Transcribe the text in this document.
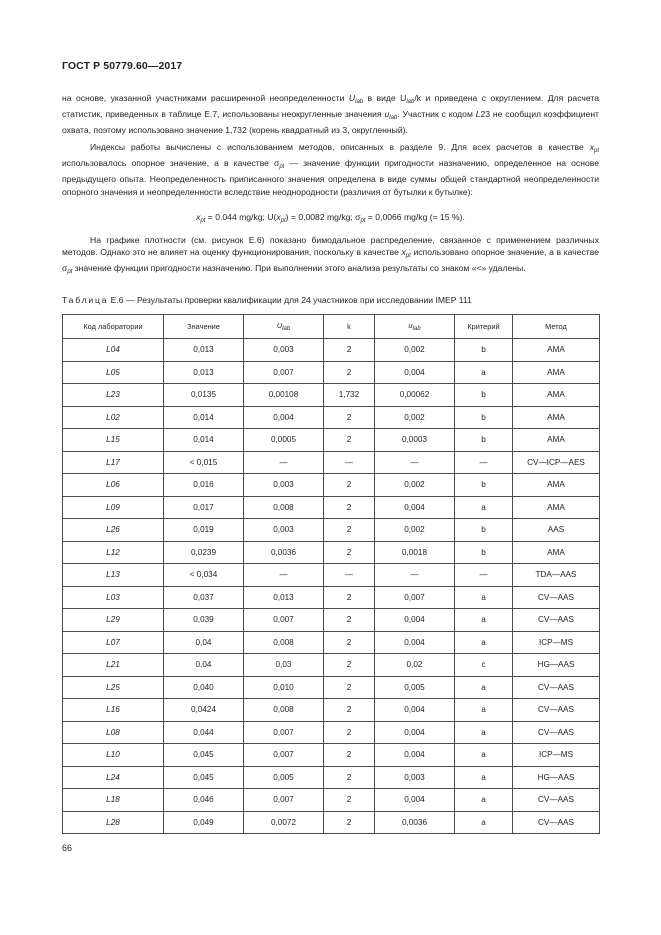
ГОСТ Р 50779.60—2017

на основе, указанной участниками расширенной неопределенности $U_{lab}$ в виде $U_{lab}/k$ и приведена с округлением. Для расчета статистик, приведенных в таблице E.7, использованы неокругленные значения $u_{lab}$. Участник с кодом L23 не сообщил коэффициент охвата, поэтому использовано значение 1,732 (корень квадратный из 3, округленный).

Индексы работы вычислены с использованием методов, описанных в разделе 9. Для всех расчетов в качестве $x_{pt}$ использовалось опорное значение, а в качестве $\sigma_{pt}$ — значение функции пригодности назначению, определенное на основе предыдущего опыта. Неопределенность приписанного значения определена в виде суммы общей стандартной неопределенности опорного значения и неопределенности вследствие неоднородности (различия от бутылки к бутылке):

$x_{pt} = 0.044$ mg/kg; $U(x_{pt}) = 0,0082$ mg/kg; $\sigma_{pt} = 0,0066$ mg/kg (= 15 %).

На графике плотности (см. рисунок E.6) показано бимодальное распределение, связанное с применением различных методов. Однако это не влияет на оценку функционирования, поскольку в качестве $x_{pt}$ использовано опорное значение, а в качестве $\sigma_{pt}$ значение функции пригодности назначению. При выполнении этого анализа результаты со знаком «<» удалены.

Таблица E.6 — Результаты проверки квалификации для 24 участников при исследовании IMEP 111
Код лаборатории	Значение	$U_{lab}$	k	$u_{lab}$	Критерий	Метод
L04	0,013	0,003	2	0,002	b	AMA
L05	0,013	0,007	2	0,004	a	AMA
L23	0,0135	0,00108	1,732	0,00062	b	AMA
L02	0,014	0,004	2	0,002	b	AMA
L15	0,014	0,0005	2	0,0003	b	AMA
L17	< 0,015	—	—	—	—	CV—ICP—AES
L06	0,016	0,003	2	0,002	b	AMA
L09	0,017	0,008	2	0,004	a	AMA
L26	0,019	0,003	2	0,002	b	AAS
L12	0,0239	0,0036	2	0,0018	b	AMA
L13	< 0,034	—	—	—	—	TDA—AAS
L03	0,037	0,013	2	0,007	a	CV—AAS
L29	0,039	0,007	2	0,004	a	CV—AAS
L07	0,04	0,008	2	0,004	a	ICP—MS
L21	0,04	0,03	2	0,02	c	HG—AAS
L25	0,040	0,010	2	0,005	a	CV—AAS
L16	0,0424	0,008	2	0,004	a	CV—AAS
L08	0,044	0,007	2	0,004	a	CV—AAS
L10	0,045	0,007	2	0,004	a	ICP—MS
L24	0,045	0,005	2	0,003	a	HG—AAS
L18	0,046	0,007	2	0,004	a	CV—AAS
L28	0,049	0,0072	2	0,0036	a	CV—AAS
66
